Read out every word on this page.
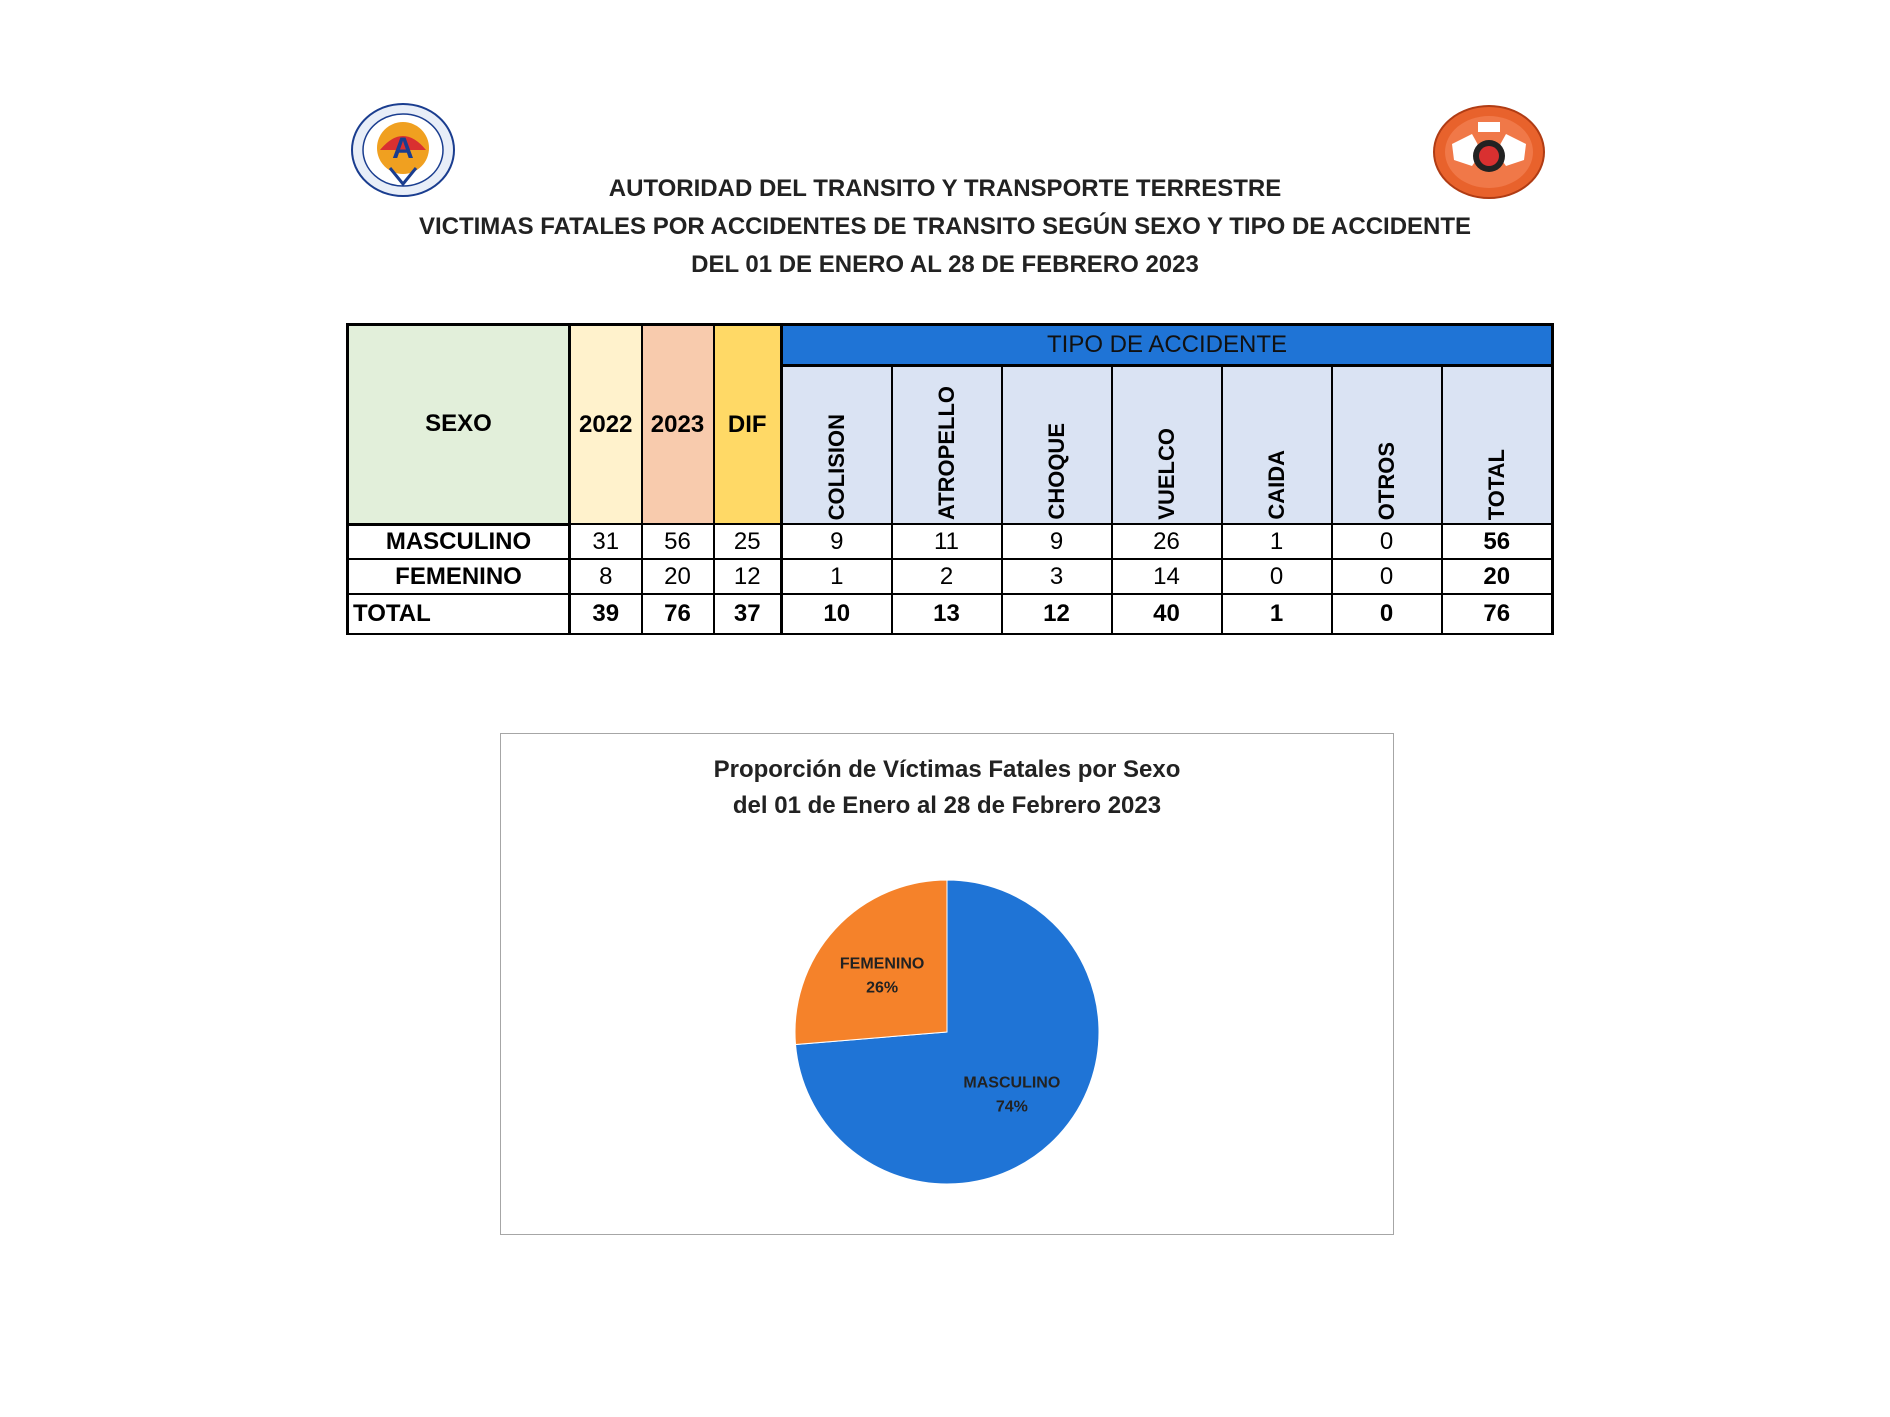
A
AUTORIDAD DEL TRANSITO Y TRANSPORTE TERRESTRE
VICTIMAS FATALES POR ACCIDENTES DE TRANSITO SEGÚN SEXO Y TIPO DE ACCIDENTE
DEL 01 DE ENERO AL 28 DE FEBRERO 2023
SEXO	2022	2023	DIF	TIPO DE ACCIDENTE						

				COLISION	ATROPELLO	CHOQUE	VUELCO	CAIDA	OTROS	TOTAL

MASCULINO	31	56	25	9	11	9	26	1	0	56
FEMENINO	8	20	12	1	2	3	14	0	0	20
TOTAL	39	76	37	10	13	12	40	1	0	76
Proporción de Víctimas Fatales por Sexo
del 01 de Enero al 28 de Febrero 2023
MASCULINO
74%
FEMENINO
26%
